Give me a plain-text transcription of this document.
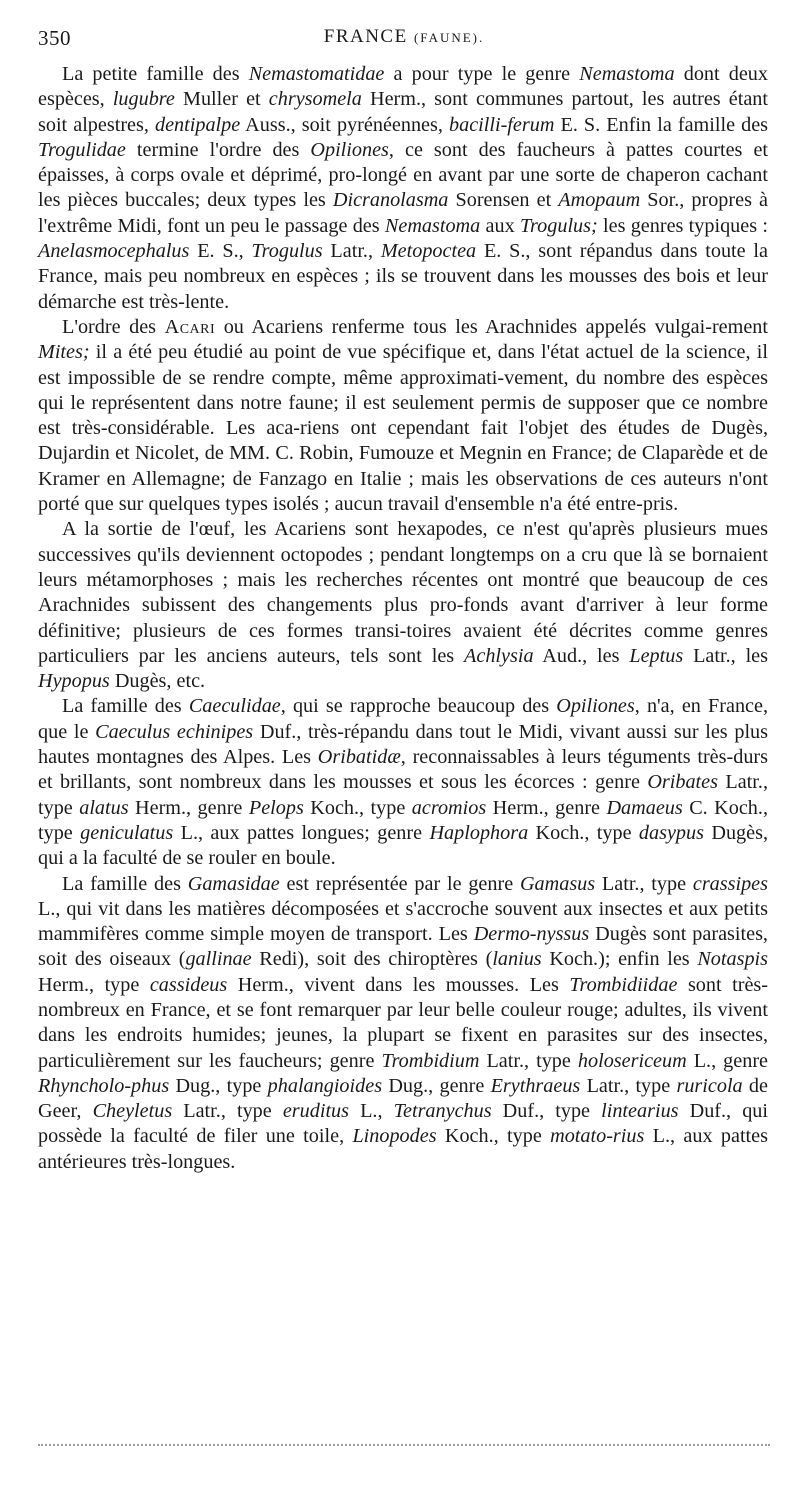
350	FRANCE (FAUNE).

La petite famille des Nemastomatidae a pour type le genre Nemastoma dont deux espèces, lugubre Muller et chrysomela Herm., sont communes partout, les autres étant soit alpestres, dentipalpe Auss., soit pyrénéennes, bacilli-ferum E. S. Enfin la famille des Trogulidae termine l'ordre des Opiliones, ce sont des faucheurs à pattes courtes et épaisses, à corps ovale et déprimé, pro-longé en avant par une sorte de chaperon cachant les pièces buccales; deux types les Dicranolasma Sorensen et Amopaum Sor., propres à l'extrême Midi, font un peu le passage des Nemastoma aux Trogulus; les genres typiques : Anelasmocephalus E. S., Trogulus Latr., Metopoctea E. S., sont répandus dans toute la France, mais peu nombreux en espèces ; ils se trouvent dans les mousses des bois et leur démarche est très-lente.

L'ordre des Acari ou Acariens renferme tous les Arachnides appelés vulgai-rement Mites; il a été peu étudié au point de vue spécifique et, dans l'état actuel de la science, il est impossible de se rendre compte, même approximati-vement, du nombre des espèces qui le représentent dans notre faune; il est seulement permis de supposer que ce nombre est très-considérable. Les aca-riens ont cependant fait l'objet des études de Dugès, Dujardin et Nicolet, de MM. C. Robin, Fumouze et Megnin en France; de Claparède et de Kramer en Allemagne; de Fanzago en Italie ; mais les observations de ces auteurs n'ont porté que sur quelques types isolés ; aucun travail d'ensemble n'a été entre-pris.

A la sortie de l'œuf, les Acariens sont hexapodes, ce n'est qu'après plusieurs mues successives qu'ils deviennent octopodes ; pendant longtemps on a cru que là se bornaient leurs métamorphoses ; mais les recherches récentes ont montré que beaucoup de ces Arachnides subissent des changements plus pro-fonds avant d'arriver à leur forme définitive; plusieurs de ces formes transi-toires avaient été décrites comme genres particuliers par les anciens auteurs, tels sont les Achlysia Aud., les Leptus Latr., les Hypopus Dugès, etc.

La famille des Caeculidae, qui se rapproche beaucoup des Opiliones, n'a, en France, que le Caeculus echinipes Duf., très-répandu dans tout le Midi, vivant aussi sur les plus hautes montagnes des Alpes. Les Oribatidæ, reconnaissables à leurs téguments très-durs et brillants, sont nombreux dans les mousses et sous les écorces : genre Oribates Latr., type alatus Herm., genre Pelops Koch., type acromios Herm., genre Damaeus C. Koch., type geniculatus L., aux pattes longues; genre Haplophora Koch., type dasypus Dugès, qui a la faculté de se rouler en boule.

La famille des Gamasidae est représentée par le genre Gamasus Latr., type crassipes L., qui vit dans les matières décomposées et s'accroche souvent aux insectes et aux petits mammifères comme simple moyen de transport. Les Dermo-nyssus Dugès sont parasites, soit des oiseaux (gallinae Redi), soit des chiroptères (lanius Koch.); enfin les Notaspis Herm., type cassideus Herm., vivent dans les mousses. Les Trombidiidae sont très-nombreux en France, et se font remarquer par leur belle couleur rouge; adultes, ils vivent dans les endroits humides; jeunes, la plupart se fixent en parasites sur des insectes, particulièrement sur les faucheurs; genre Trombidium Latr., type holosericeum L., genre Rhyncholo-phus Dug., type phalangioides Dug., genre Erythraeus Latr., type ruricola de Geer, Cheyletus Latr., type eruditus L., Tetranychus Duf., type lintearius Duf., qui possède la faculté de filer une toile, Linopodes Koch., type motato-rius L., aux pattes antérieures très-longues.
